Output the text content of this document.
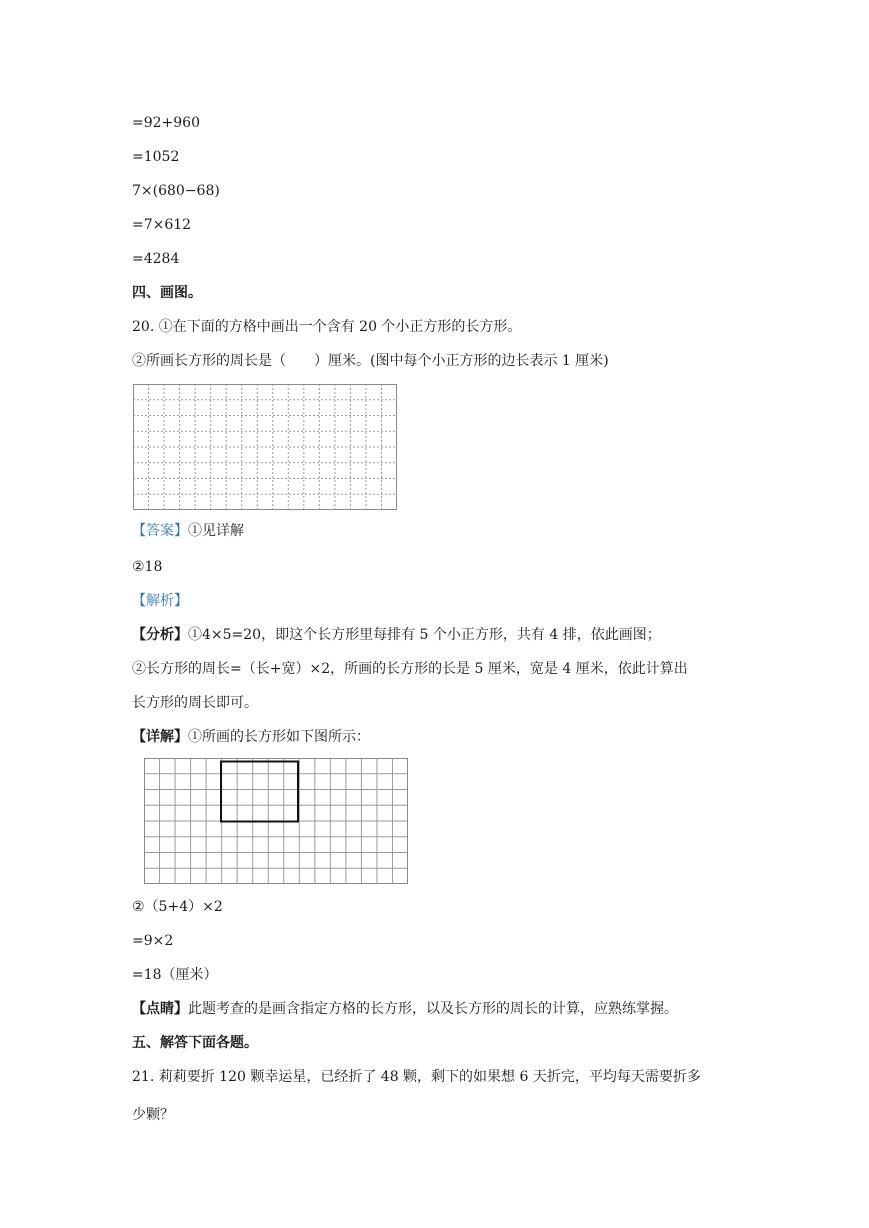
=92+960
=1052
7×(680−68)
=7×612
=4284
四、画图。
20. ①在下面的方格中画出一个含有 20 个小正方形的长方形。
②所画长方形的周长是（　　）厘米。(图中每个小正方形的边长表示 1 厘米)
【答案】①见详解
②18
【解析】
【分析】①4×5=20，即这个长方形里每排有 5 个小正方形，共有 4 排，依此画图；
②长方形的周长=（长+宽）×2，所画的长方形的长是 5 厘米，宽是 4 厘米，依此计算出
长方形的周长即可。
【详解】①所画的长方形如下图所示：
②（5+4）×2
=9×2
=18（厘米）
【点睛】此题考查的是画含指定方格的长方形，以及长方形的周长的计算，应熟练掌握。
五、解答下面各题。
21. 莉莉要折 120 颗幸运星，已经折了 48 颗，剩下的如果想 6 天折完，平均每天需要折多
少颗？
